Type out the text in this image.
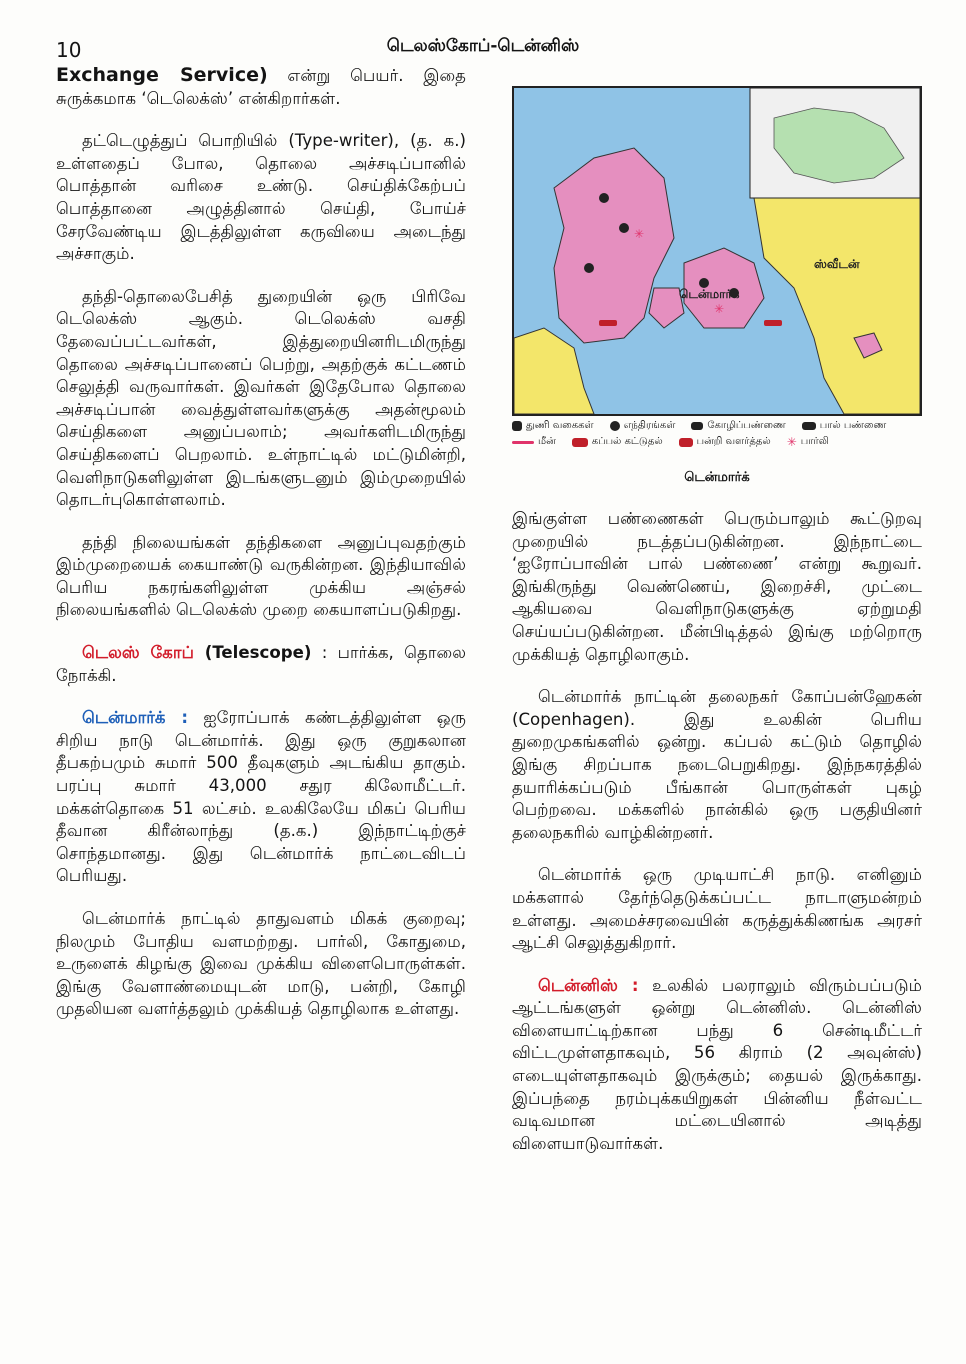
10	டெலஸ்கோப்-டென்னிஸ்

Exchange Service) என்று பெயர். இதை சுருக்கமாக ‘டெலெக்ஸ்’ என்கிறார்கள்.

தட்டெழுத்துப் பொறியில் (Type-writer), (த. க.) உள்ளதைப் போல, தொலை அச்சடிப்பானில் பொத்தான் வரிசை உண்டு. செய்திக்கேற்பப் பொத்தானை அழுத்தினால் செய்தி, போய்ச் சேரவேண்டிய இடத்திலுள்ள கருவியை அடைந்து அச்சாகும்.

தந்தி-தொலைபேசித் துறையின் ஒரு பிரிவே டெலெக்ஸ் ஆகும். டெலெக்ஸ் வசதி தேவைப்பட்டவர்கள், இத்துறையினரிடமிருந்து தொலை அச்சடிப்பானைப் பெற்று, அதற்குக் கட்டணம் செலுத்தி வருவார்கள். இவர்கள் இதேபோல தொலை அச்சடிப்பான் வைத்துள்ளவர்களுக்கு அதன்மூலம் செய்திகளை அனுப்பலாம்; அவர்களிடமிருந்து செய்திகளைப் பெறலாம். உள்நாட்டில் மட்டுமின்றி, வெளிநாடுகளிலுள்ள இடங்களுடனும் இம்முறையில் தொடர்புகொள்ளலாம்.

தந்தி நிலையங்கள் தந்திகளை அனுப்புவதற்கும் இம்முறையைக் கையாண்டு வருகின்றன. இந்தியாவில் பெரிய நகரங்களிலுள்ள முக்கிய அஞ்சல் நிலையங்களில் டெலெக்ஸ் முறை கையாளப்படுகிறது.

டெலஸ் கோப் (Telescope) : பார்க்க, தொலை நோக்கி.

டென்மார்க் : ஐரோப்பாக் கண்டத்திலுள்ள ஒரு சிறிய நாடு டென்மார்க். இது ஒரு குறுகலான தீபகற்பமும் சுமார் 500 தீவுகளும் அடங்கிய தாகும். பரப்பு சுமார் 43,000 சதுர கிலோமீட்டர். மக்கள்தொகை 51 லட்சம். உலகிலேயே மிகப் பெரிய தீவான கிரீன்லாந்து (த.க.) இந்நாட்டிற்குச் சொந்தமானது. இது டென்மார்க் நாட்டைவிடப் பெரியது.

டென்மார்க் நாட்டில் தாதுவளம் மிகக் குறைவு; நிலமும் போதிய வளமற்றது. பார்லி, கோதுமை, உருளைக் கிழங்கு இவை முக்கிய விளைபொருள்கள். இங்கு வேளாண்மையுடன் மாடு, பன்றி, கோழி முதலியன வளர்த்தலும் முக்கியத் தொழிலாக உள்ளது.

✳
✳
ஸ்வீடன்
டென்மார்க்
துணி வகைகள்	எந்திரங்கள்	கோழிப்பண்ணை	பால் பண்ணை
மீன்	கப்பல் கட்டுதல்	பன்றி வளர்த்தல் ✳ பார்லி
டென்மார்க்

இங்குள்ள பண்ணைகள் பெரும்பாலும் கூட்டுறவு முறையில் நடத்தப்படுகின்றன. இந்நாட்டை ‘ஐரோப்பாவின் பால் பண்ணை’ என்று கூறுவர். இங்கிருந்து வெண்ணெய், இறைச்சி, முட்டை ஆகியவை வெளிநாடுகளுக்கு ஏற்றுமதி செய்யப்படுகின்றன. மீன்பிடித்தல் இங்கு மற்றொரு முக்கியத் தொழிலாகும்.

டென்மார்க் நாட்டின் தலைநகர் கோப்பன்ஹேகன் (Copenhagen). இது உலகின் பெரிய துறைமுகங்களில் ஒன்று. கப்பல் கட்டும் தொழில் இங்கு சிறப்பாக நடைபெறுகிறது. இந்நகரத்தில் தயாரிக்கப்படும் பீங்கான் பொருள்கள் புகழ் பெற்றவை. மக்களில் நான்கில் ஒரு பகுதியினர் தலைநகரில் வாழ்கின்றனர்.

டென்மார்க் ஒரு முடியாட்சி நாடு. எனினும் மக்களால் தேர்ந்தெடுக்கப்பட்ட நாடாளுமன்றம் உள்ளது. அமைச்சரவையின் கருத்துக்கிணங்க அரசர் ஆட்சி செலுத்துகிறார்.

டென்னிஸ் : உலகில் பலராலும் விரும்பப்படும் ஆட்டங்களுள் ஒன்று டென்னிஸ். டென்னிஸ் விளையாட்டிற்கான பந்து 6 சென்டிமீட்டர் விட்டமுள்ளதாகவும், 56 கிராம் (2 அவுன்ஸ்) எடையுள்ளதாகவும் இருக்கும்; தையல் இருக்காது. இப்பந்தை நரம்புக்கயிறுகள் பின்னிய நீள்வட்ட வடிவமான மட்டையினால் அடித்து விளையாடுவார்கள்.
